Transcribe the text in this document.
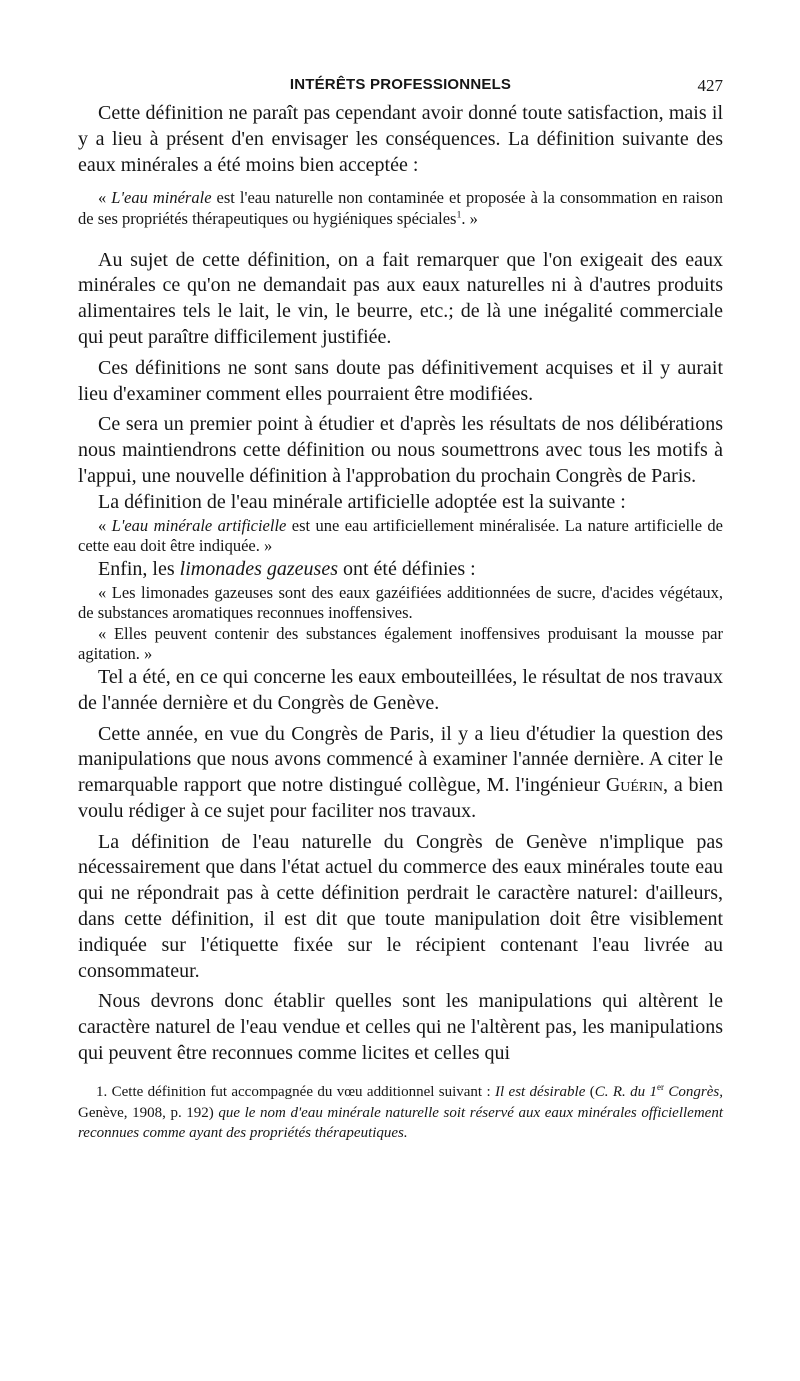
INTÉRÊTS PROFESSIONNELS	427

Cette définition ne paraît pas cependant avoir donné toute satisfaction, mais il y a lieu à présent d'en envisager les conséquences. La définition suivante des eaux minérales a été moins bien acceptée :

« L'eau minérale est l'eau naturelle non contaminée et proposée à la consommation en raison de ses propriétés thérapeutiques ou hygiéniques spéciales$^1$. »

Au sujet de cette définition, on a fait remarquer que l'on exigeait des eaux minérales ce qu'on ne demandait pas aux eaux naturelles ni à d'autres produits alimentaires tels le lait, le vin, le beurre, etc.; de là une inégalité commerciale qui peut paraître difficilement justifiée.

Ces définitions ne sont sans doute pas définitivement acquises et il y aurait lieu d'examiner comment elles pourraient être modifiées.

Ce sera un premier point à étudier et d'après les résultats de nos délibérations nous maintiendrons cette définition ou nous soumettrons avec tous les motifs à l'appui, une nouvelle définition à l'approbation du prochain Congrès de Paris.

La définition de l'eau minérale artificielle adoptée est la suivante :

« L'eau minérale artificielle est une eau artificiellement minéralisée. La nature artificielle de cette eau doit être indiquée. »

Enfin, les limonades gazeuses ont été définies :

« Les limonades gazeuses sont des eaux gazéifiées additionnées de sucre, d'acides végétaux, de substances aromatiques reconnues inoffensives.

« Elles peuvent contenir des substances également inoffensives produisant la mousse par agitation. »

Tel a été, en ce qui concerne les eaux embouteillées, le résultat de nos travaux de l'année dernière et du Congrès de Genève.

Cette année, en vue du Congrès de Paris, il y a lieu d'étudier la question des manipulations que nous avons commencé à examiner l'année dernière. A citer le remarquable rapport que notre distingué collègue, M. l'ingénieur Guérin, a bien voulu rédiger à ce sujet pour faciliter nos travaux.

La définition de l'eau naturelle du Congrès de Genève n'implique pas nécessairement que dans l'état actuel du commerce des eaux minérales toute eau qui ne répondrait pas à cette définition perdrait le caractère naturel: d'ailleurs, dans cette définition, il est dit que toute manipulation doit être visiblement indiquée sur l'étiquette fixée sur le récipient contenant l'eau livrée au consommateur.

Nous devrons donc établir quelles sont les manipulations qui altèrent le caractère naturel de l'eau vendue et celles qui ne l'altèrent pas, les manipulations qui peuvent être reconnues comme licites et celles qui

1. Cette définition fut accompagnée du vœu additionnel suivant : Il est désirable (C. R. du 1er Congrès, Genève, 1908, p. 192) que le nom d'eau minérale naturelle soit réservé aux eaux minérales officiellement reconnues comme ayant des propriétés thérapeutiques.
